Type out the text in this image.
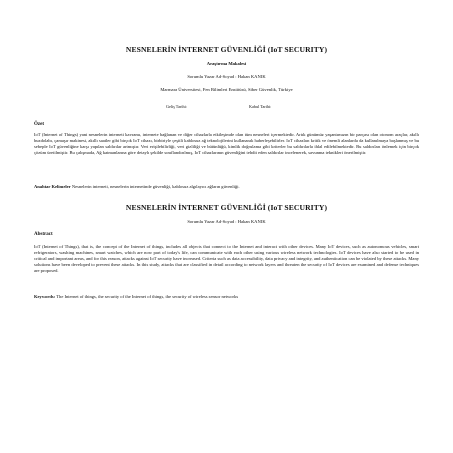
NESNELERİN İNTERNET GÜVENLİĞİ (IoT SECURITY)
Araştırma Makalesi
Sorumlu Yazar Ad-Soyad : Hakan KANIK
Marmara Üniversitesi, Fen Bilimleri Enstitüsü, Siber Güvenlik, Türkiye
Geliş Tarihi:	Kabul Tarihi:
Özet
IoT (Internet of Things) yani nesnelerin interneti kavramı, internete bağlanan ve diğer cihazlarla etkileşimde olan tüm nesneleri içermektedir. Artık günümüz yaşantımızın bir parçası olan otonom araçlar, akıllı buzdolabı, çamaşır makinesi, akıllı saatler gibi birçok IoT cihazı, birbiriyle çeşitli kablosuz ağ teknolojilerini kullanarak haberleşebilirler. IoT cihazları kritik ve önemli alanlarda da kullanılmaya başlanmış ve bu sebeple IoT güvenliğine karşı yapılan saldırılar artmıştır. Veri erişilebilirliği, veri gizliliği ve bütünlüğü, kimlik doğrulama gibi kriterler bu saldırılarla ihlal edilebilmektedir. Bu saldırıları önlemek için birçok çözüm üretilmiştir. Bu çalışmada, Ağ katmanlarına göre detaylı şekilde sınıflandırılmış, IoT cihazlarının güvenliğini tehdit eden saldırılar incelenerek, savunma teknikleri önerilmiştir.
Anahtar Kelimeler Nesnelerin interneti, nesnelerin internetinde güvenliği, kablosuz algılayıcı ağların güvenliği.
NESNELERİN İNTERNET GÜVENLİĞİ (IoT SECURITY)
Sorumlu Yazar Ad-Soyad : Hakan KANIK
Abstract
IoT (Internet of Things), that is, the concept of the Internet of things, includes all objects that connect to the Internet and interact with other devices. Many IoT devices, such as autonomous vehicles, smart refrigerators, washing machines, smart watches, which are now part of today's life, can communicate with each other using various wireless network technologies. IoT devices have also started to be used in critical and important areas, and for this reason, attacks against IoT security have increased. Criteria such as data accessibility, data privacy and integrity, and authentication can be violated by these attacks. Many solutions have been developed to prevent these attacks. In this study, attacks that are classified in detail according to network layers and threaten the security of IoT devices are examined and defense techniques are proposed.
Keywords: The Internet of things, the security of the Internet of things, the security of wireless sensor networks
